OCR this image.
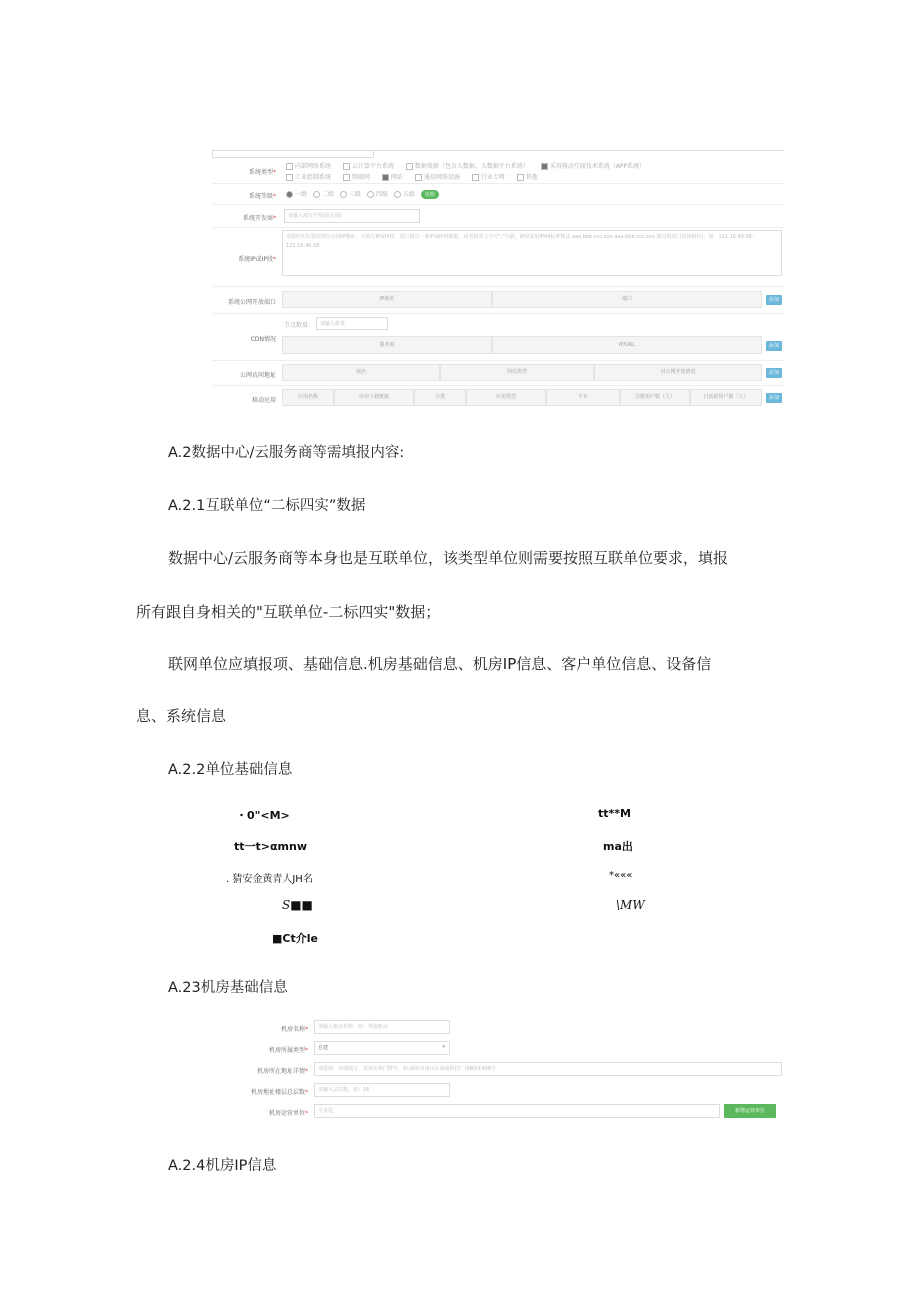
系统类型*
内部网络系统	云计算平台系统	数据资源（包含大数据、大数据平台系统）	采用移动互联技术系统（APP系统）
工业控制系统	物联网	网站	通信网络设施	行业专网	其他
系统等级*	一级 二级 三级 四级 五级 说明
系统开发商*	请输入填写开发商(必填)
系统IP或IP段*
请按照实际情况填写公网IP地址，可填写IP或IP段，段行填写一条IP或IP段数据，或者按英文分号";"分隔，IP段采用IPV4标准格式.aaa.bbb.ccc.xxx-aaa.bbb.ccc.xxx 填写情况门按钮组织)，如：122.16.40.56-122.16.40.58
系统公网开放端口	IP地址	端口	添加
CDN情况
节点数量：	请输入数量
服务商	IP/URL	添加
公网访问地址	域名	网站类型	对公网开放情况	添加
移动应用	应用名称	应用下载链接	分类	应用类型	平台	注册用户数（人）	日活跃用户数（人）	添加
A.2数据中心/云服务商等需填报内容:
A.2.1互联单位“二标四实”数据
数据中心/云服务商等本身也是互联单位，该类型单位则需要按照互联单位要求，填报
所有跟自身相关的"互联单位-二标四实"数据；
联网单位应填报项、基础信息.机房基础信息、机房IP信息、客户单位信息、设备信
息、系统信息
A.2.2单位基础信息
・0"<M>	tt**M
tt一t>αmnw	ma出
. 猜安金黄青人JH名	*«««
S■■	\MW
■Ct介le
A.23机房基础信息
机房名称*	请输入机房名称，如：华南机房
机房所属类型*	自建	▾
机房所在地址详情*	请选择、详细填写、具体名称门牌号，如:深圳市南山区深南科技广场B座1409号
机房地址楼层总层数*	请输入总层数，如：16
机房运营单位*	可多选	新增运营单位
A.2.4机房IP信息
